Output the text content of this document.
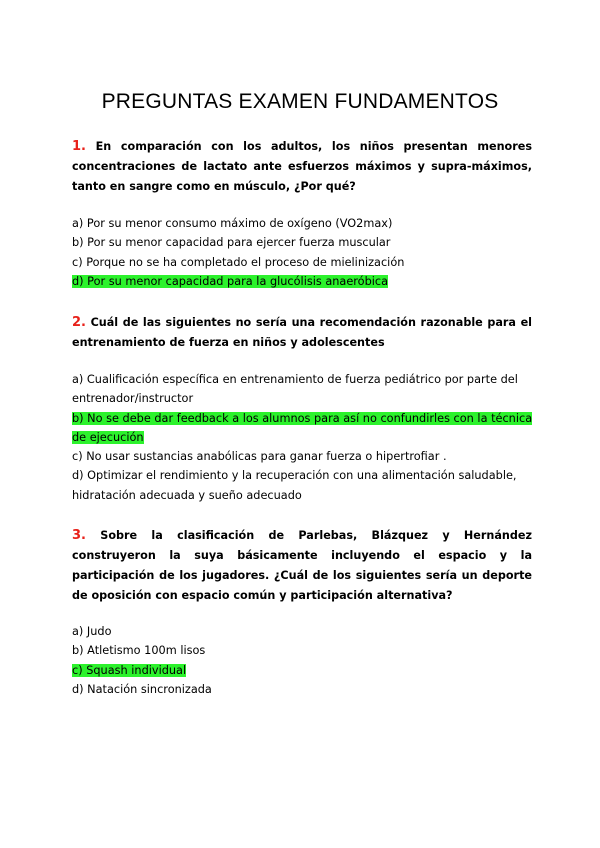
PREGUNTAS EXAMEN FUNDAMENTOS
1. En comparación con los adultos, los niños presentan menores concentraciones de lactato ante esfuerzos máximos y supra-máximos, tanto en sangre como en músculo, ¿Por qué?
a) Por su menor consumo máximo de oxígeno (VO2max)
b) Por su menor capacidad para ejercer fuerza muscular
c) Porque no se ha completado el proceso de mielinización
d) Por su menor capacidad para la glucólisis anaeróbica
2. Cuál de las siguientes no sería una recomendación razonable para el entrenamiento de fuerza en niños y adolescentes
a) Cualificación específica en entrenamiento de fuerza pediátrico por parte del entrenador/instructor
b) No se debe dar feedback a los alumnos para así no confundirles con la técnica de ejecución
c) No usar sustancias anabólicas para ganar fuerza o hipertrofiar .
d) Optimizar el rendimiento y la recuperación con una alimentación saludable, hidratación adecuada y sueño adecuado
3. Sobre la clasificación de Parlebas, Blázquez y Hernández construyeron la suya básicamente incluyendo el espacio y la participación de los jugadores. ¿Cuál de los siguientes sería un deporte de oposición con espacio común y participación alternativa?
a) Judo
b) Atletismo 100m lisos
c) Squash individual
d) Natación sincronizada
